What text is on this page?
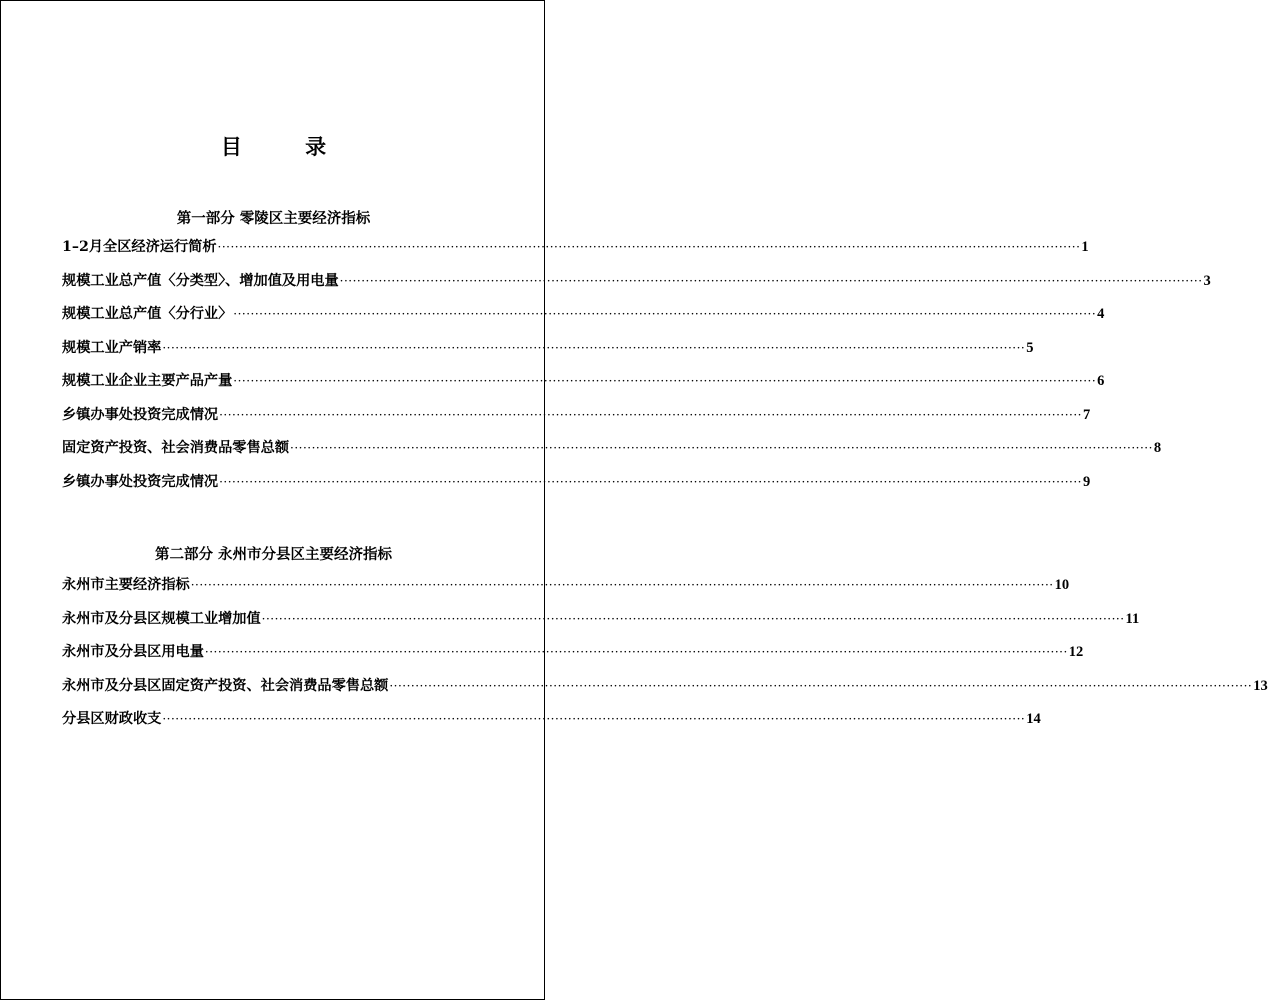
目 录
第一部分 零陵区主要经济指标
1–2月全区经济运行简析 ········································································································································································································ 1
规模工业总产值〈分类型〉、增加值及用电量 ········································································································································································································ 3
规模工业总产值〈分行业〉 ········································································································································································································ 4
规模工业产销率 ········································································································································································································ 5
规模工业企业主要产品产量 ········································································································································································································ 6
乡镇办事处投资完成情况 ········································································································································································································ 7
固定资产投资、社会消费品零售总额 ········································································································································································································ 8
乡镇办事处投资完成情况 ········································································································································································································ 9
第二部分 永州市分县区主要经济指标
永州市主要经济指标 ········································································································································································································ 10
永州市及分县区规模工业增加值 ········································································································································································································ 11
永州市及分县区用电量 ········································································································································································································ 12
永州市及分县区固定资产投资、社会消费品零售总额 ········································································································································································································ 13
分县区财政收支 ········································································································································································································ 14
